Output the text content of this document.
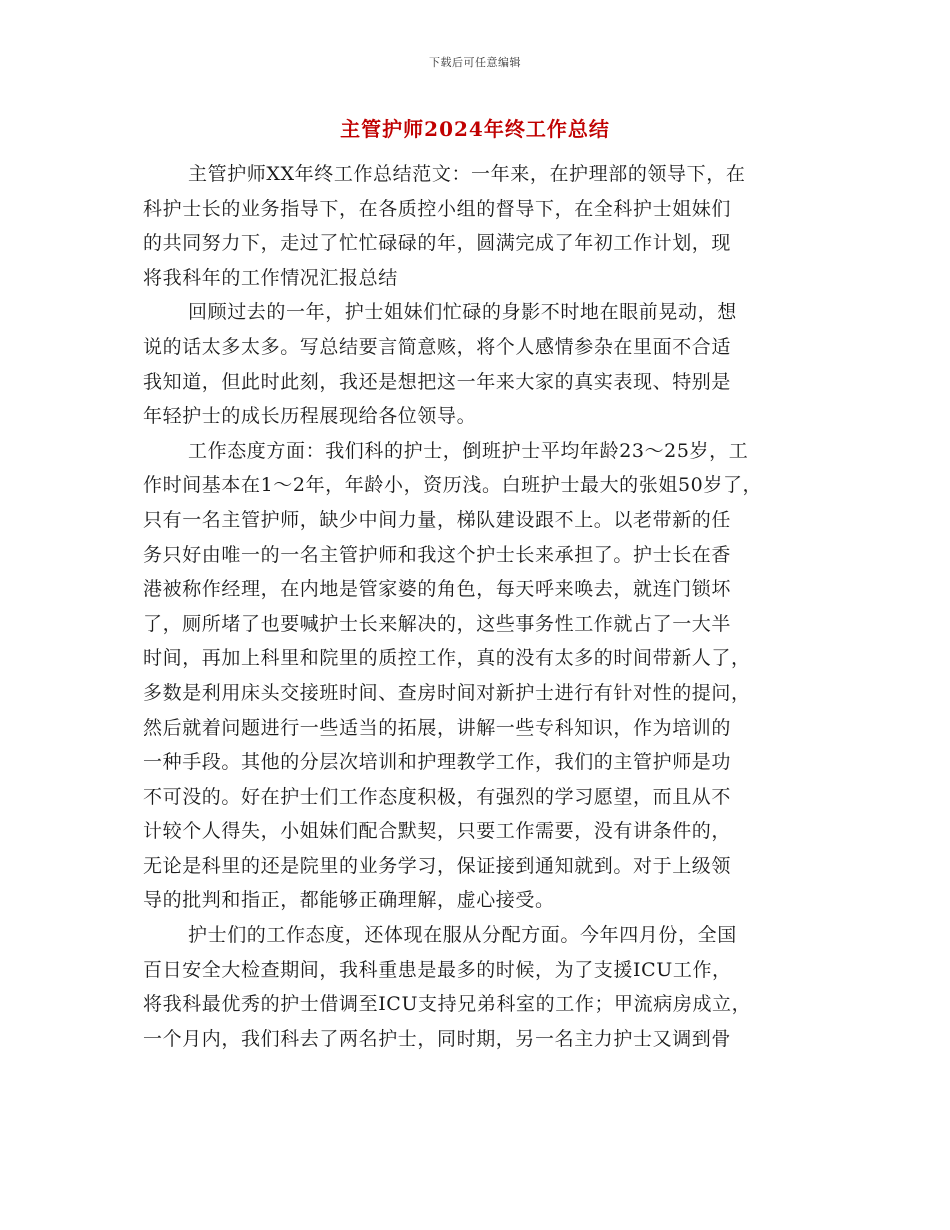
下载后可任意编辑
主管护师2024年终工作总结
主管护师XX年终工作总结范文：一年来，在护理部的领导下，在
科护士长的业务指导下，在各质控小组的督导下，在全科护士姐妹们
的共同努力下，走过了忙忙碌碌的年，圆满完成了年初工作计划，现
将我科年的工作情况汇报总结
回顾过去的一年，护士姐妹们忙碌的身影不时地在眼前晃动，想
说的话太多太多。写总结要言简意赅，将个人感情参杂在里面不合适
我知道，但此时此刻，我还是想把这一年来大家的真实表现、特别是
年轻护士的成长历程展现给各位领导。
工作态度方面：我们科的护士，倒班护士平均年龄23～25岁，工
作时间基本在1～2年，年龄小，资历浅。白班护士最大的张姐50岁了，
只有一名主管护师，缺少中间力量，梯队建设跟不上。以老带新的任
务只好由唯一的一名主管护师和我这个护士长来承担了。护士长在香
港被称作经理，在内地是管家婆的角色，每天呼来唤去，就连门锁坏
了，厕所堵了也要喊护士长来解决的，这些事务性工作就占了一大半
时间，再加上科里和院里的质控工作，真的没有太多的时间带新人了，
多数是利用床头交接班时间、查房时间对新护士进行有针对性的提问，
然后就着问题进行一些适当的拓展，讲解一些专科知识，作为培训的
一种手段。其他的分层次培训和护理教学工作，我们的主管护师是功
不可没的。好在护士们工作态度积极，有强烈的学习愿望，而且从不
计较个人得失，小姐妹们配合默契，只要工作需要，没有讲条件的，
无论是科里的还是院里的业务学习，保证接到通知就到。对于上级领
导的批判和指正，都能够正确理解，虚心接受。
护士们的工作态度，还体现在服从分配方面。今年四月份，全国
百日安全大检查期间，我科重患是最多的时候，为了支援ICU工作，
将我科最优秀的护士借调至ICU支持兄弟科室的工作；甲流病房成立，
一个月内，我们科去了两名护士，同时期，另一名主力护士又调到骨
